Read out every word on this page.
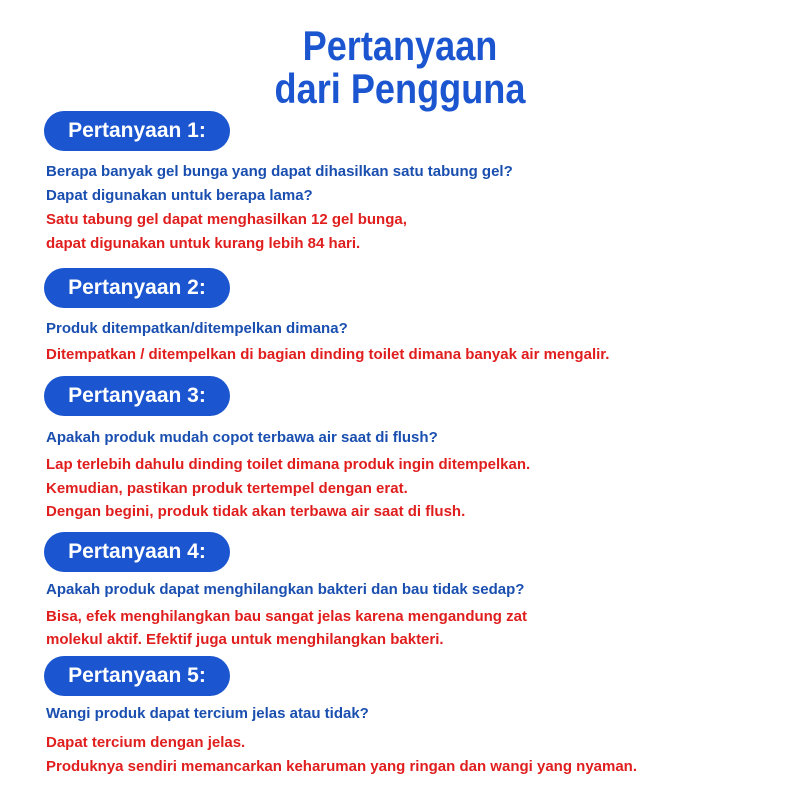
Pertanyaan
dari Pengguna
Pertanyaan 1:
Berapa banyak gel bunga yang dapat dihasilkan satu tabung gel?
Dapat digunakan untuk berapa lama?
Satu tabung gel dapat menghasilkan 12 gel bunga,
dapat digunakan untuk kurang lebih 84 hari.
Pertanyaan 2:
Produk ditempatkan/ditempelkan dimana?
Ditempatkan / ditempelkan di bagian dinding toilet dimana banyak air mengalir.
Pertanyaan 3:
Apakah produk mudah copot terbawa air saat di flush?
Lap terlebih dahulu dinding toilet dimana produk ingin ditempelkan.
Kemudian, pastikan produk tertempel dengan erat.
Dengan begini, produk tidak akan terbawa air saat di flush.
Pertanyaan 4:
Apakah produk dapat menghilangkan bakteri dan bau tidak sedap?
Bisa, efek menghilangkan bau sangat jelas karena mengandung zat
molekul aktif. Efektif juga untuk menghilangkan bakteri.
Pertanyaan 5:
Wangi produk dapat tercium jelas atau tidak?
Dapat tercium dengan jelas.
Produknya sendiri memancarkan keharuman yang ringan dan wangi yang nyaman.
